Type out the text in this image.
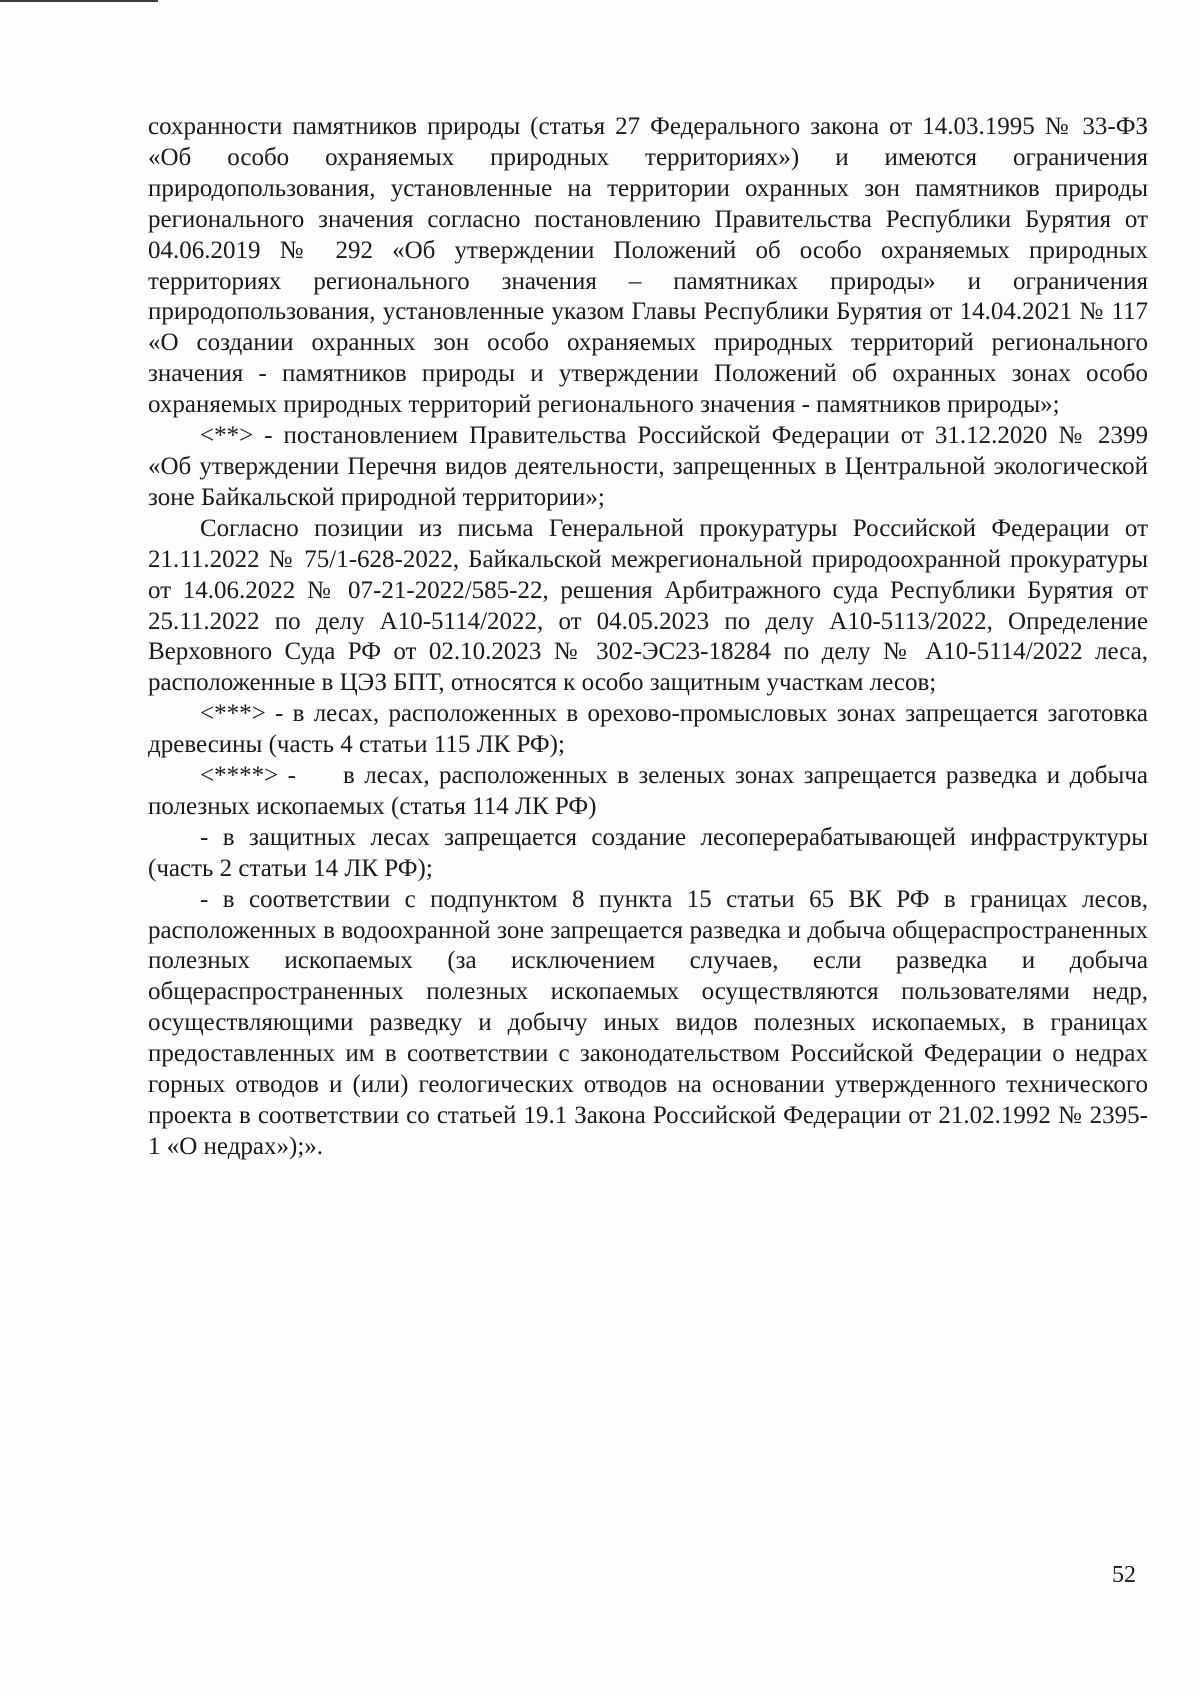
сохранности памятников природы (статья 27 Федерального закона от 14.03.1995 № 33-ФЗ «Об особо охраняемых природных территориях») и имеются ограничения природопользования, установленные на территории охранных зон памятников природы регионального значения согласно постановлению Правительства Республики Бурятия от 04.06.2019 № 292 «Об утверждении Положений об особо охраняемых природных территориях регионального значения – памятниках природы» и ограничения природопользования, установленные указом Главы Республики Бурятия от 14.04.2021 № 117 «О создании охранных зон особо охраняемых природных территорий регионального значения - памятников природы и утверждении Положений об охранных зонах особо охраняемых природных территорий регионального значения - памятников природы»;

<**> - постановлением Правительства Российской Федерации от 31.12.2020 № 2399 «Об утверждении Перечня видов деятельности, запрещенных в Центральной экологической зоне Байкальской природной территории»;

Согласно позиции из письма Генеральной прокуратуры Российской Федерации от 21.11.2022 № 75/1-628-2022, Байкальской межрегиональной природоохранной прокуратуры от 14.06.2022 № 07-21-2022/585-22, решения Арбитражного суда Республики Бурятия от 25.11.2022 по делу А10-5114/2022, от 04.05.2023 по делу А10-5113/2022, Определение Верховного Суда РФ от 02.10.2023 № 302-ЭС23-18284 по делу № А10-5114/2022 леса, расположенные в ЦЭЗ БПТ, относятся к особо защитным участкам лесов;

<***> - в лесах, расположенных в орехово-промысловых зонах запрещается заготовка древесины (часть 4 статьи 115 ЛК РФ);

<****> -     в лесах, расположенных в зеленых зонах запрещается разведка и добыча полезных ископаемых (статья 114 ЛК РФ)

- в защитных лесах запрещается создание лесоперерабатывающей инфраструктуры (часть 2 статьи 14 ЛК РФ);

- в соответствии с подпунктом 8 пункта 15 статьи 65 ВК РФ в границах лесов, расположенных в водоохранной зоне запрещается разведка и добыча общераспространенных полезных ископаемых (за исключением случаев, если разведка и добыча общераспространенных полезных ископаемых осуществляются пользователями недр, осуществляющими разведку и добычу иных видов полезных ископаемых, в границах предоставленных им в соответствии с законодательством Российской Федерации о недрах горных отводов и (или) геологических отводов на основании утвержденного технического проекта в соответствии со статьей 19.1 Закона Российской Федерации от 21.02.1992 № 2395-1 «О недрах»);».

52
